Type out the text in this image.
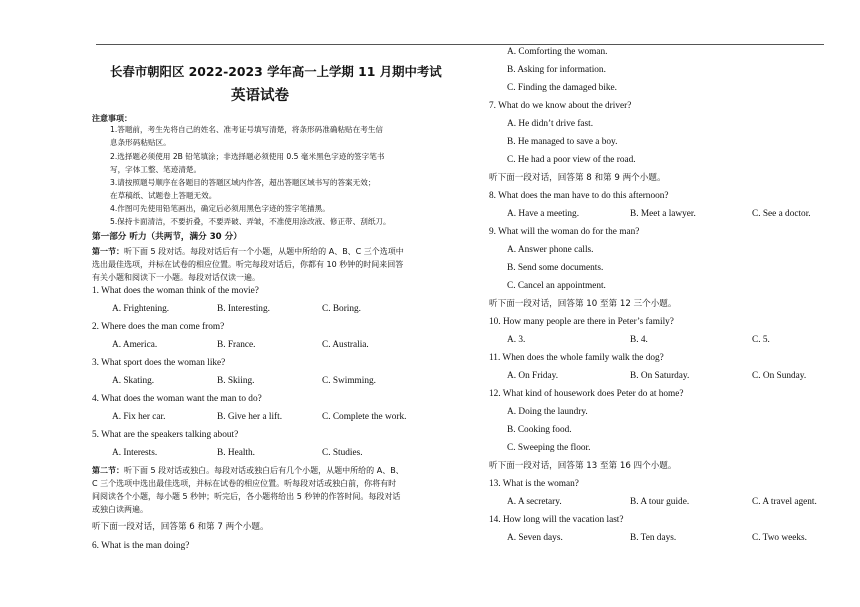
长春市朝阳区 2022-2023 学年高一上学期 11 月期中考试
英语试卷
注意事项：
1.答题前，考生先将自己的姓名、准考证号填写清楚，将条形码准确粘贴在考生信
息条形码粘贴区。
2.选择题必须使用 2B 铅笔填涂；非选择题必须使用 0.5 毫米黑色字迹的签字笔书
写，字体工整、笔迹清楚。
3.请按照题号顺序在各题目的答题区域内作答，超出答题区域书写的答案无效；
在草稿纸、试题卷上答题无效。
4.作图可先使用铅笔画出，确定后必须用黑色字迹的签字笔描黑。
5.保持卡面清洁，不要折叠，不要弄破、弄皱，不准使用涂改液、修正带、刮纸刀。
第一部分 听力（共两节，满分 30 分）
第一节：听下面 5 段对话。每段对话后有一个小题，从题中所给的 A、B、C 三个选项中
选出最佳选项，并标在试卷的相应位置。听完每段对话后，你都有 10 秒钟的时间来回答
有关小题和阅读下一小题。每段对话仅读一遍。
1. What does the woman think of the movie?
A. Frightening.	B. Interesting.	C. Boring.
2. Where does the man come from?
A. America.	B. France.	C. Australia.
3. What sport does the woman like?
A. Skating.	B. Skiing.	C. Swimming.
4. What does the woman want the man to do?
A. Fix her car.	B. Give her a lift.	C. Complete the work.
5. What are the speakers talking about?
A. Interests.	B. Health.	C. Studies.
第二节：听下面 5 段对话或独白。每段对话或独白后有几个小题，从题中所给的 A、B、
C 三个选项中选出最佳选项，并标在试卷的相应位置。听每段对话或独白前，你将有时
间阅读各个小题，每小题 5 秒钟；听完后，各小题将给出 5 秒钟的作答时间。每段对话
或独白读两遍。
听下面一段对话，回答第 6 和第 7 两个小题。
6. What is the man doing?
A. Comforting the woman.
B. Asking for information.
C. Finding the damaged bike.
7. What do we know about the driver?
A. He didn’t drive fast.
B. He managed to save a boy.
C. He had a poor view of the road.
听下面一段对话，回答第 8 和第 9 两个小题。
8. What does the man have to do this afternoon?
A. Have a meeting.	B. Meet a lawyer.	C. See a doctor.
9. What will the woman do for the man?
A. Answer phone calls.
B. Send some documents.
C. Cancel an appointment.
听下面一段对话，回答第 10 至第 12 三个小题。
10. How many people are there in Peter’s family?
A. 3.	B. 4.	C. 5.
11. When does the whole family walk the dog?
A. On Friday.	B. On Saturday.	C. On Sunday.
12. What kind of housework does Peter do at home?
A. Doing the laundry.
B. Cooking food.
C. Sweeping the floor.
听下面一段对话，回答第 13 至第 16 四个小题。
13. What is the woman?
A. A secretary.	B. A tour guide.	C. A travel agent.
14. How long will the vacation last?
A. Seven days.	B. Ten days.	C. Two weeks.
